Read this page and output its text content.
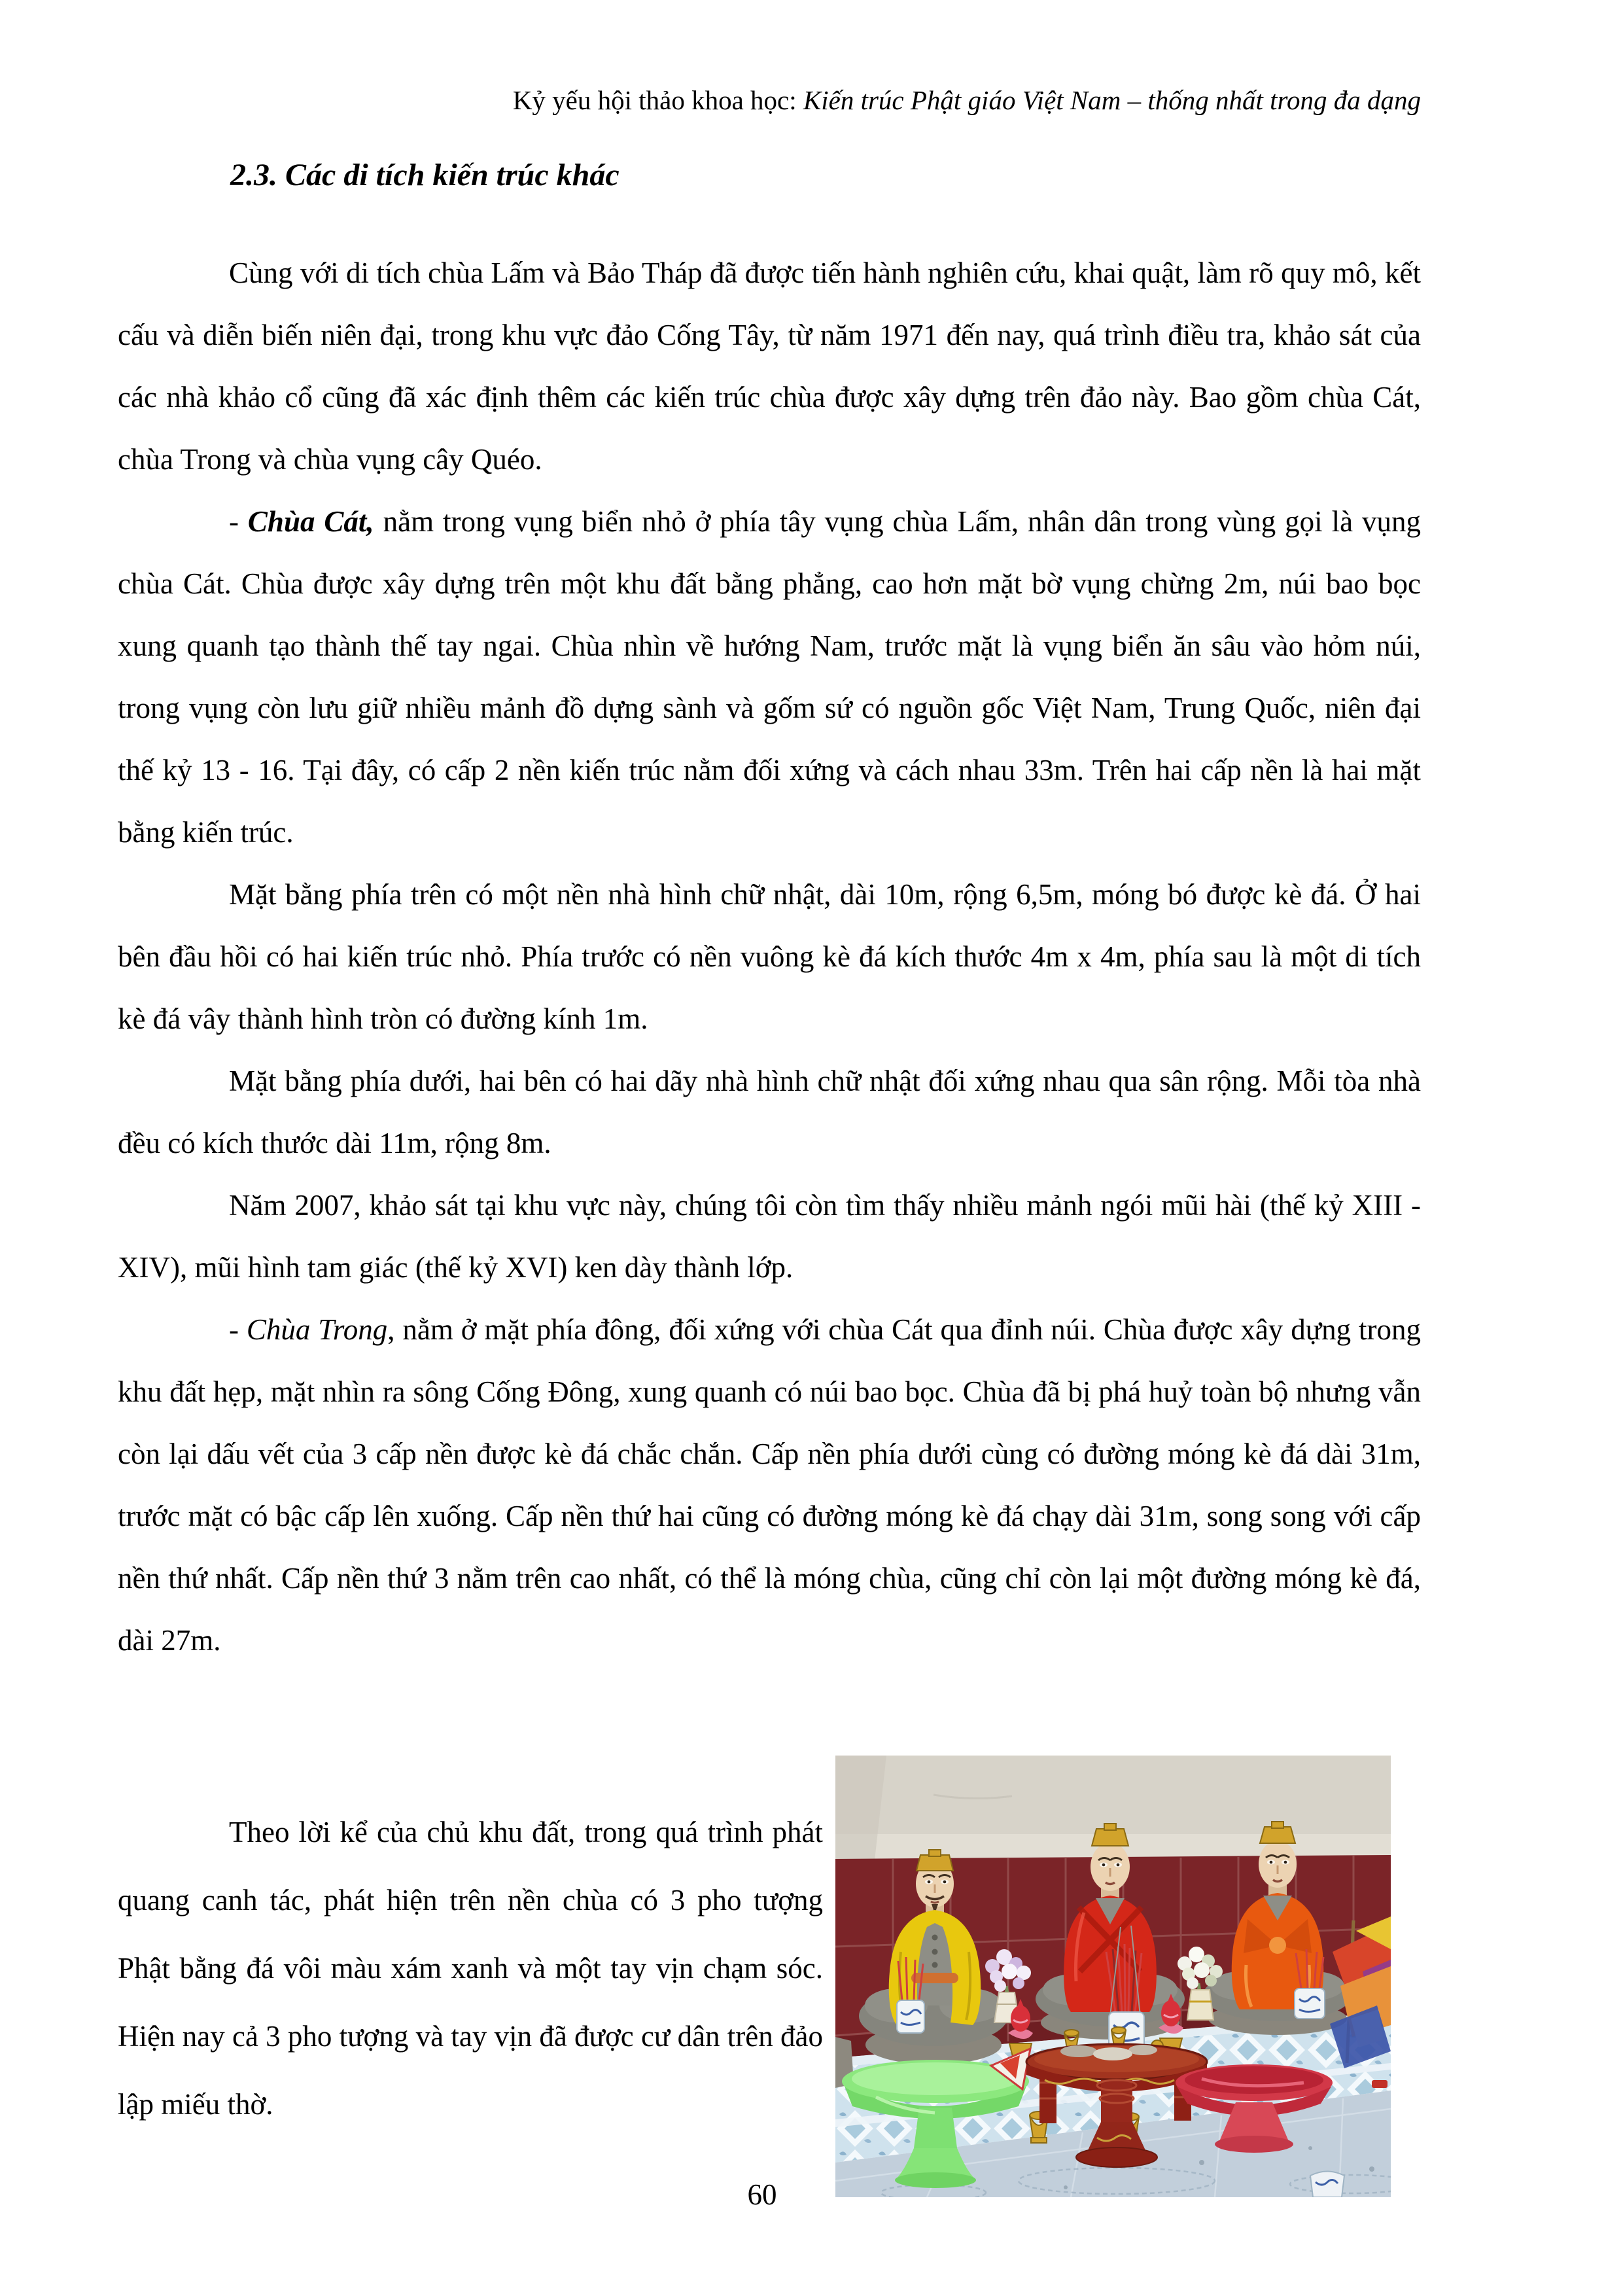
Kỷ yếu hội thảo khoa học: Kiến trúc Phật giáo Việt Nam – thống nhất trong đa dạng
2.3. Các di tích kiến trúc khác

Cùng với di tích chùa Lấm và Bảo Tháp đã được tiến hành nghiên cứu, khai quật, làm rõ quy mô, kết cấu và diễn biến niên đại, trong khu vực đảo Cống Tây, từ năm 1971 đến nay, quá trình điều tra, khảo sát của các nhà khảo cổ cũng đã xác định thêm các kiến trúc chùa được xây dựng trên đảo này. Bao gồm chùa Cát, chùa Trong và chùa vụng cây Quéo.

- Chùa Cát, nằm trong vụng biển nhỏ ở phía tây vụng chùa Lấm, nhân dân trong vùng gọi là vụng chùa Cát. Chùa được xây dựng trên một khu đất bằng phẳng, cao hơn mặt bờ vụng chừng 2m, núi bao bọc xung quanh tạo thành thế tay ngai. Chùa nhìn về hướng Nam, trước mặt là vụng biển ăn sâu vào hỏm núi, trong vụng còn lưu giữ nhiều mảnh đồ dựng sành và gốm sứ có nguồn gốc Việt Nam, Trung Quốc, niên đại thế kỷ 13 - 16. Tại đây, có cấp 2 nền kiến trúc nằm đối xứng và cách nhau 33m. Trên hai cấp nền là hai mặt bằng kiến trúc.

Mặt bằng phía trên có một nền nhà hình chữ nhật, dài 10m, rộng 6,5m, móng bó được kè đá. Ở hai bên đầu hồi có hai kiến trúc nhỏ. Phía trước có nền vuông kè đá kích thước 4m x 4m, phía sau là một di tích kè đá vây thành hình tròn có đường kính 1m.

Mặt bằng phía dưới, hai bên có hai dãy nhà hình chữ nhật đối xứng nhau qua sân rộng. Mỗi tòa nhà đều có kích thước dài 11m, rộng 8m.

Năm 2007, khảo sát tại khu vực này, chúng tôi còn tìm thấy nhiều mảnh ngói mũi hài (thế kỷ XIII - XIV), mũi hình tam giác (thế kỷ XVI) ken dày thành lớp.

- Chùa Trong, nằm ở mặt phía đông, đối xứng với chùa Cát qua đỉnh núi. Chùa được xây dựng trong khu đất hẹp, mặt nhìn ra sông Cống Đông, xung quanh có núi bao bọc. Chùa đã bị phá huỷ toàn bộ nhưng vẫn còn lại dấu vết của 3 cấp nền được kè đá chắc chắn. Cấp nền phía dưới cùng có đường móng kè đá dài 31m, trước mặt có bậc cấp lên xuống. Cấp nền thứ hai cũng có đường móng kè đá chạy dài 31m, song song với cấp nền thứ nhất. Cấp nền thứ 3 nằm trên cao nhất, có thể là móng chùa, cũng chỉ còn lại một đường móng kè đá, dài 27m.

Theo lời kể của chủ khu đất, trong quá trình phát quang canh tác, phát hiện trên nền chùa có 3 pho tượng Phật bằng đá vôi màu xám xanh và một tay vịn chạm sóc. Hiện nay cả 3 pho tượng và tay vịn đã được cư dân trên đảo lập miếu thờ.

60
